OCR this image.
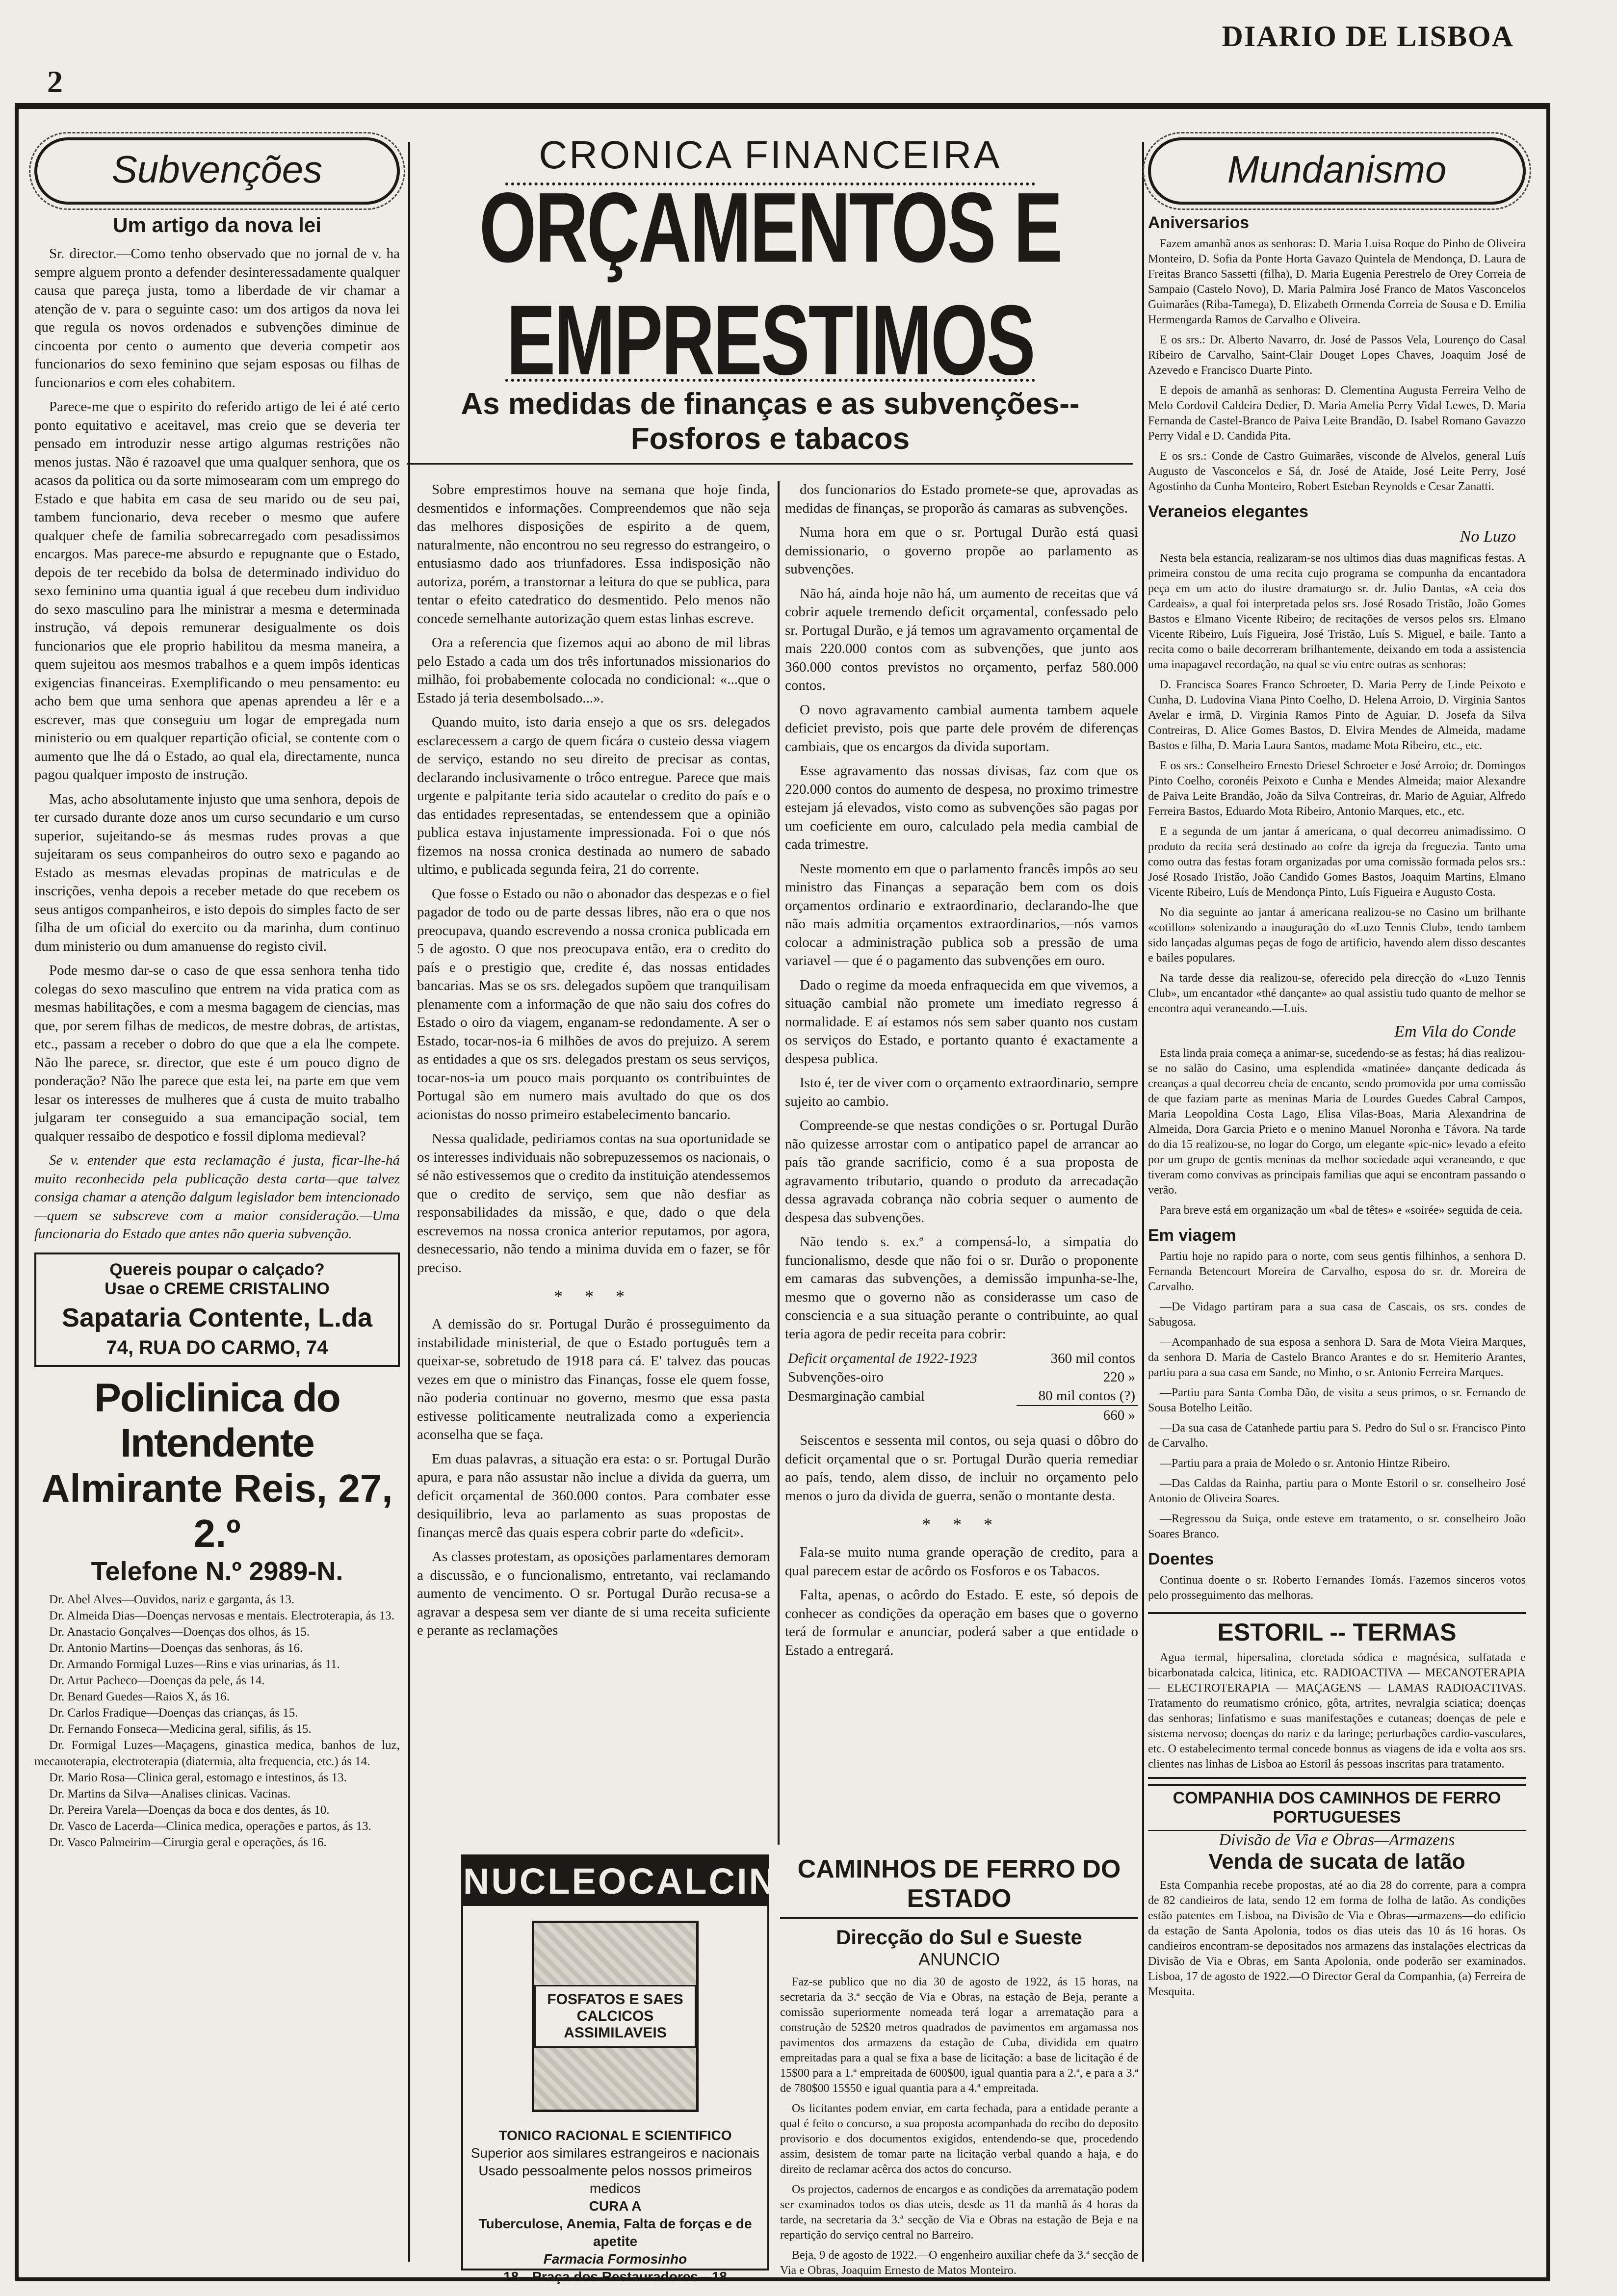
2
DIARIO DE LISBOA
Subvenções
Um artigo da nova lei

Sr. director.—Como tenho observado que no jornal de v. ha sempre alguem pronto a defender desinteressadamente qualquer causa que pareça justa, tomo a liberdade de vir chamar a atenção de v. para o seguinte caso: um dos artigos da nova lei que regula os novos ordenados e subvenções diminue de cincoenta por cento o aumento que deveria competir aos funcionarios do sexo feminino que sejam esposas ou filhas de funcionarios e com eles cohabitem.

Parece-me que o espirito do referido artigo de lei é até certo ponto equitativo e aceitavel, mas creio que se deveria ter pensado em introduzir nesse artigo algumas restrições não menos justas. Não é razoavel que uma qualquer senhora, que os acasos da politica ou da sorte mimosearam com um emprego do Estado e que habita em casa de seu marido ou de seu pai, tambem funcionario, deva receber o mesmo que aufere qualquer chefe de familia sobrecarregado com pesadissimos encargos. Mas parece-me absurdo e repugnante que o Estado, depois de ter recebido da bolsa de determinado individuo do sexo feminino uma quantia igual á que recebeu dum individuo do sexo masculino para lhe ministrar a mesma e determinada instrução, vá depois remunerar desigualmente os dois funcionarios que ele proprio habilitou da mesma maneira, a quem sujeitou aos mesmos trabalhos e a quem impôs identicas exigencias financeiras. Exemplificando o meu pensamento: eu acho bem que uma senhora que apenas aprendeu a lêr e a escrever, mas que conseguiu um logar de empregada num ministerio ou em qualquer repartição oficial, se contente com o aumento que lhe dá o Estado, ao qual ela, directamente, nunca pagou qualquer imposto de instrução.

Mas, acho absolutamente injusto que uma senhora, depois de ter cursado durante doze anos um curso secundario e um curso superior, sujeitando-se ás mesmas rudes provas a que sujeitaram os seus companheiros do outro sexo e pagando ao Estado as mesmas elevadas propinas de matriculas e de inscrições, venha depois a receber metade do que recebem os seus antigos companheiros, e isto depois do simples facto de ser filha de um oficial do exercito ou da marinha, dum continuo dum ministerio ou dum amanuense do registo civil.

Pode mesmo dar-se o caso de que essa senhora tenha tido colegas do sexo masculino que entrem na vida pratica com as mesmas habilitações, e com a mesma bagagem de ciencias, mas que, por serem filhas de medicos, de mestre dobras, de artistas, etc., passam a receber o dobro do que que a ela lhe compete. Não lhe parece, sr. director, que este é um pouco digno de ponderação? Não lhe parece que esta lei, na parte em que vem lesar os interesses de mulheres que á custa de muito trabalho julgaram ter conseguido a sua emancipação social, tem qualquer ressaibo de despotico e fossil diploma medieval?

Se v. entender que esta reclamação é justa, ficar-lhe-há muito reconhecida pela publicação desta carta—que talvez consiga chamar a atenção dalgum legislador bem intencionado—quem se subscreve com a maior consideração.—Uma funcionaria do Estado que antes não queria subvenção.

Quereis poupar o calçado?
Usae o CREME CRISTALINO
Sapataria Contente, L.da
74, RUA DO CARMO, 74
Policlinica do Intendente
Almirante Reis, 27, 2.º
Telefone N.º 2989-N.

Dr. Abel Alves—Ouvidos, nariz e garganta, ás 13.

Dr. Almeida Dias—Doenças nervosas e mentais. Electroterapia, ás 13.

Dr. Anastacio Gonçalves—Doenças dos olhos, ás 15.

Dr. Antonio Martins—Doenças das senhoras, ás 16.

Dr. Armando Formigal Luzes—Rins e vias urinarias, ás 11.

Dr. Artur Pacheco—Doenças da pele, ás 14.

Dr. Benard Guedes—Raios X, ás 16.

Dr. Carlos Fradique—Doenças das crianças, ás 15.

Dr. Fernando Fonseca—Medicina geral, sifilis, ás 15.

Dr. Formigal Luzes—Maçagens, ginastica medica, banhos de luz, mecanoterapia, electroterapia (diatermia, alta frequencia, etc.) ás 14.

Dr. Mario Rosa—Clinica geral, estomago e intestinos, ás 13.

Dr. Martins da Silva—Analises clinicas. Vacinas.

Dr. Pereira Varela—Doenças da boca e dos dentes, ás 10.

Dr. Vasco de Lacerda—Clinica medica, operações e partos, ás 13.

Dr. Vasco Palmeirim—Cirurgia geral e operações, ás 16.

CRONICA FINANCEIRA
ORÇAMENTOS E EMPRESTIMOS
As medidas de finanças e as subvenções--Fosforos e tabacos

Sobre emprestimos houve na semana que hoje finda, desmentidos e informações. Compreendemos que não seja das melhores disposições de espirito a de quem, naturalmente, não encontrou no seu regresso do estrangeiro, o entusiasmo dado aos triunfadores. Essa indisposição não autoriza, porém, a transtornar a leitura do que se publica, para tentar o efeito catedratico do desmentido. Pelo menos não concede semelhante autorização quem estas linhas escreve.

Ora a referencia que fizemos aqui ao abono de mil libras pelo Estado a cada um dos três infortunados missionarios do milhão, foi probabemente colocada no condicional: «...que o Estado já teria desembolsado...».

Quando muito, isto daria ensejo a que os srs. delegados esclarecessem a cargo de quem ficára o custeio dessa viagem de serviço, estando no seu direito de precisar as contas, declarando inclusivamente o trôco entregue. Parece que mais urgente e palpitante teria sido acautelar o credito do país e o das entidades representadas, se entendessem que a opinião publica estava injustamente impressionada. Foi o que nós fizemos na nossa cronica destinada ao numero de sabado ultimo, e publicada segunda feira, 21 do corrente.

Que fosse o Estado ou não o abonador das despezas e o fiel pagador de todo ou de parte dessas libres, não era o que nos preocupava, quando escrevendo a nossa cronica publicada em 5 de agosto. O que nos preocupava então, era o credito do país e o prestigio que, credite é, das nossas entidades bancarias. Mas se os srs. delegados supõem que tranquilisam plenamente com a informação de que não saiu dos cofres do Estado o oiro da viagem, enganam-se redondamente. A ser o Estado, tocar-nos-ia 6 milhões de avos do prejuizo. A serem as entidades a que os srs. delegados prestam os seus serviços, tocar-nos-ia um pouco mais porquanto os contribuintes de Portugal são em numero mais avultado do que os dos acionistas do nosso primeiro estabelecimento bancario.

Nessa qualidade, pediriamos contas na sua oportunidade se os interesses individuais não sobrepuzessemos os nacionais, o sé não estivessemos que o credito da instituição atendessemos que o credito de serviço, sem que não desfiar as responsabilidades da missão, e que, dado o que dela escrevemos na nossa cronica anterior reputamos, por agora, desnecessario, não tendo a minima duvida em o fazer, se fôr preciso.

* * *

A demissão do sr. Portugal Durão é prosseguimento da instabilidade ministerial, de que o Estado português tem a queixar-se, sobretudo de 1918 para cá. E' talvez das poucas vezes em que o ministro das Finanças, fosse ele quem fosse, não poderia continuar no governo, mesmo que essa pasta estivesse politicamente neutralizada como a experiencia aconselha que se faça.

Em duas palavras, a situação era esta: o sr. Portugal Durão apura, e para não assustar não inclue a divida da guerra, um deficit orçamental de 360.000 contos. Para combater esse desiquilibrio, leva ao parlamento as suas propostas de finanças mercê das quais espera cobrir parte do «deficit».

As classes protestam, as oposições parlamentares demoram a discussão, e o funcionalismo, entretanto, vai reclamando aumento de vencimento. O sr. Portugal Durão recusa-se a agravar a despesa sem ver diante de si uma receita suficiente e perante as reclamações

dos funcionarios do Estado promete-se que, aprovadas as medidas de finanças, se proporão ás camaras as subvenções.

Numa hora em que o sr. Portugal Durão está quasi demissionario, o governo propõe ao parlamento as subvenções.

Não há, ainda hoje não há, um aumento de receitas que vá cobrir aquele tremendo deficit orçamental, confessado pelo sr. Portugal Durão, e já temos um agravamento orçamental de mais 220.000 contos com as subvenções, que junto aos 360.000 contos previstos no orçamento, perfaz 580.000 contos.

O novo agravamento cambial aumenta tambem aquele deficiet previsto, pois que parte dele provém de diferenças cambiais, que os encargos da divida suportam.

Esse agravamento das nossas divisas, faz com que os 220.000 contos do aumento de despesa, no proximo trimestre estejam já elevados, visto como as subvenções são pagas por um coeficiente em ouro, calculado pela media cambial de cada trimestre.

Neste momento em que o parlamento francês impôs ao seu ministro das Finanças a separação bem com os dois orçamentos ordinario e extraordinario, declarando-lhe que não mais admitia orçamentos extraordinarios,—nós vamos colocar a administração publica sob a pressão de uma variavel — que é o pagamento das subvenções em ouro.

Dado o regime da moeda enfraquecida em que vivemos, a situação cambial não promete um imediato regresso á normalidade. E aí estamos nós sem saber quanto nos custam os serviços do Estado, e portanto quanto é exactamente a despesa publica.

Isto é, ter de viver com o orçamento extraordinario, sempre sujeito ao cambio.

Compreende-se que nestas condições o sr. Portugal Durão não quizesse arrostar com o antipatico papel de arrancar ao país tão grande sacrificio, como é a sua proposta de agravamento tributario, quando o produto da arrecadação dessa agravada cobrança não cobria sequer o aumento de despesa das subvenções.

Não tendo s. ex.ª a compensá-lo, a simpatia do funcionalismo, desde que não foi o sr. Durão o proponente em camaras das subvenções, a demissão impunha-se-lhe, mesmo que o governo não as considerasse um caso de consciencia e a sua situação perante o contribuinte, ao qual teria agora de pedir receita para cobrir:

Deficit orçamental de 1922-1923	360 mil contos
Subvenções-oiro	220 »
Desmarginação cambial	80 mil contos (?)
	660 »

Seiscentos e sessenta mil contos, ou seja quasi o dôbro do deficit orçamental que o sr. Portugal Durão queria remediar ao país, tendo, alem disso, de incluir no orçamento pelo menos o juro da divida de guerra, senão o montante desta.

* * *

Fala-se muito numa grande operação de credito, para a qual parecem estar de acôrdo os Fosforos e os Tabacos.

Falta, apenas, o acôrdo do Estado. E este, só depois de conhecer as condições da operação em bases que o governo terá de formular e anunciar, poderá saber a que entidade o Estado a entregará.

NUCLEOCALCINA
FOSFATOS E SAES CALCICOS ASSIMILAVEIS
TONICO RACIONAL E SCIENTIFICO
Superior aos similares estrangeiros e nacionais
Usado pessoalmente pelos nossos primeiros medicos
CURA A
Tuberculose, Anemia, Falta de forças e de apetite
Farmacia Formosinho
18—Praça dos Restauradores—18
CAMINHOS DE FERRO DO ESTADO
Direcção do Sul e Sueste
ANUNCIO

Faz-se publico que no dia 30 de agosto de 1922, ás 15 horas, na secretaria da 3.ª secção de Via e Obras, na estação de Beja, perante a comissão superiormente nomeada terá logar a arrematação para a construção de 52$20 metros quadrados de pavimentos em argamassa nos pavimentos dos armazens da estação de Cuba, dividida em quatro empreitadas para a qual se fixa a base de licitação: a base de licitação é de 15$00 para a 1.ª empreitada de 600$00, igual quantia para a 2.ª, e para a 3.ª de 780$00 15$50 e igual quantia para a 4.ª empreitada.

Os licitantes podem enviar, em carta fechada, para a entidade perante a qual é feito o concurso, a sua proposta acompanhada do recibo do deposito provisorio e dos documentos exigidos, entendendo-se que, procedendo assim, desistem de tomar parte na licitação verbal quando a haja, e do direito de reclamar acêrca dos actos do concurso.

Os projectos, cadernos de encargos e as condições da arrematação podem ser examinados todos os dias uteis, desde as 11 da manhã ás 4 horas da tarde, na secretaria da 3.ª secção de Via e Obras na estação de Beja e na repartição do serviço central no Barreiro.

Beja, 9 de agosto de 1922.—O engenheiro auxiliar chefe da 3.ª secção de Via e Obras, Joaquim Ernesto de Matos Monteiro.

Mundanismo
Aniversarios

Fazem amanhã anos as senhoras: D. Maria Luisa Roque do Pinho de Oliveira Monteiro, D. Sofia da Ponte Horta Gavazo Quintela de Mendonça, D. Laura de Freitas Branco Sassetti (filha), D. Maria Eugenia Perestrelo de Orey Correia de Sampaio (Castelo Novo), D. Maria Palmira José Franco de Matos Vasconcelos Guimarães (Riba-Tamega), D. Elizabeth Ormenda Correia de Sousa e D. Emilia Hermengarda Ramos de Carvalho e Oliveira.

E os srs.: Dr. Alberto Navarro, dr. José de Passos Vela, Lourenço do Casal Ribeiro de Carvalho, Saint-Clair Douget Lopes Chaves, Joaquim José de Azevedo e Francisco Duarte Pinto.

E depois de amanhã as senhoras: D. Clementina Augusta Ferreira Velho de Melo Cordovil Caldeira Dedier, D. Maria Amelia Perry Vidal Lewes, D. Maria Fernanda de Castel-Branco de Paiva Leite Brandão, D. Isabel Romano Gavazzo Perry Vidal e D. Candida Pita.

E os srs.: Conde de Castro Guimarães, visconde de Alvelos, general Luís Augusto de Vasconcelos e Sá, dr. José de Ataide, José Leite Perry, José Agostinho da Cunha Monteiro, Robert Esteban Reynolds e Cesar Zanatti.

Veraneios elegantes
No Luzo

Nesta bela estancia, realizaram-se nos ultimos dias duas magnificas festas. A primeira constou de uma recita cujo programa se compunha da encantadora peça em um acto do ilustre dramaturgo sr. dr. Julio Dantas, «A ceia dos Cardeais», a qual foi interpretada pelos srs. José Rosado Tristão, João Gomes Bastos e Elmano Vicente Ribeiro; de recitações de versos pelos srs. Elmano Vicente Ribeiro, Luís Figueira, José Tristão, Luís S. Miguel, e baile. Tanto a recita como o baile decorreram brilhantemente, deixando em toda a assistencia uma inapagavel recordação, na qual se viu entre outras as senhoras:

D. Francisca Soares Franco Schroeter, D. Maria Perry de Linde Peixoto e Cunha, D. Ludovina Viana Pinto Coelho, D. Helena Arroio, D. Virginia Santos Avelar e irmã, D. Virginia Ramos Pinto de Aguiar, D. Josefa da Silva Contreiras, D. Alice Gomes Bastos, D. Elvira Mendes de Almeida, madame Bastos e filha, D. Maria Laura Santos, madame Mota Ribeiro, etc., etc.

E os srs.: Conselheiro Ernesto Driesel Schroeter e José Arroio; dr. Domingos Pinto Coelho, coronéis Peixoto e Cunha e Mendes Almeida; maior Alexandre de Paiva Leite Brandão, João da Silva Contreiras, dr. Mario de Aguiar, Alfredo Ferreira Bastos, Eduardo Mota Ribeiro, Antonio Marques, etc., etc.

E a segunda de um jantar á americana, o qual decorreu animadissimo. O produto da recita será destinado ao cofre da igreja da freguezia. Tanto uma como outra das festas foram organizadas por uma comissão formada pelos srs.: José Rosado Tristão, João Candido Gomes Bastos, Joaquim Martins, Elmano Vicente Ribeiro, Luís de Mendonça Pinto, Luís Figueira e Augusto Costa.

No dia seguinte ao jantar á americana realizou-se no Casino um brilhante «cotillon» solenizando a inauguração do «Luzo Tennis Club», tendo tambem sido lançadas algumas peças de fogo de artificio, havendo alem disso descantes e bailes populares.

Na tarde desse dia realizou-se, oferecido pela direcção do «Luzo Tennis Club», um encantador «thé dançante» ao qual assistiu tudo quanto de melhor se encontra aqui veraneando.—Luis.

Em Vila do Conde

Esta linda praia começa a animar-se, sucedendo-se as festas; há dias realizou-se no salão do Casino, uma esplendida «matinée» dançante dedicada ás creanças a qual decorreu cheia de encanto, sendo promovida por uma comissão de que faziam parte as meninas Maria de Lourdes Guedes Cabral Campos, Maria Leopoldina Costa Lago, Elisa Vilas-Boas, Maria Alexandrina de Almeida, Dora Garcia Prieto e o menino Manuel Noronha e Távora. Na tarde do dia 15 realizou-se, no logar do Corgo, um elegante «pic-nic» levado a efeito por um grupo de gentis meninas da melhor sociedade aqui veraneando, e que tiveram como convivas as principais familias que aqui se encontram passando o verão.

Para breve está em organização um «bal de têtes» e «soirée» seguida de ceia.

Em viagem

Partiu hoje no rapido para o norte, com seus gentis filhinhos, a senhora D. Fernanda Betencourt Moreira de Carvalho, esposa do sr. dr. Moreira de Carvalho.

—De Vidago partiram para a sua casa de Cascais, os srs. condes de Sabugosa.

—Acompanhado de sua esposa a senhora D. Sara de Mota Vieira Marques, da senhora D. Maria de Castelo Branco Arantes e do sr. Hemiterio Arantes, partiu para a sua casa em Sande, no Minho, o sr. Antonio Ferreira Marques.

—Partiu para Santa Comba Dão, de visita a seus primos, o sr. Fernando de Sousa Botelho Leitão.

—Da sua casa de Catanhede partiu para S. Pedro do Sul o sr. Francisco Pinto de Carvalho.

—Partiu para a praia de Moledo o sr. Antonio Hintze Ribeiro.

—Das Caldas da Rainha, partiu para o Monte Estoril o sr. conselheiro José Antonio de Oliveira Soares.

—Regressou da Suiça, onde esteve em tratamento, o sr. conselheiro João Soares Branco.

Doentes

Continua doente o sr. Roberto Fernandes Tomás. Fazemos sinceros votos pelo prosseguimento das melhoras.

ESTORIL -- TERMAS

Agua termal, hipersalina, cloretada sódica e magnésica, sulfatada e bicarbonatada calcica, litinica, etc. RADIOACTIVA — MECANOTERAPIA — ELECTROTERAPIA — MAÇAGENS — LAMAS RADIOACTIVAS. Tratamento do reumatismo crónico, gôta, artrites, nevralgia sciatica; doenças das senhoras; linfatismo e suas manifestações e cutaneas; doenças de pele e sistema nervoso; doenças do nariz e da laringe; perturbações cardio-vasculares, etc. O estabelecimento termal concede bonnus as viagens de ida e volta aos srs. clientes nas linhas de Lisboa ao Estoril ás pessoas inscritas para tratamento.

COMPANHIA DOS CAMINHOS DE FERRO PORTUGUESES
Divisão de Via e Obras—Armazens
Venda de sucata de latão

Esta Companhia recebe propostas, até ao dia 28 do corrente, para a compra de 82 candieiros de lata, sendo 12 em forma de folha de latão. As condições estão patentes em Lisboa, na Divisão de Via e Obras—armazens—do edificio da estação de Santa Apolonia, todos os dias uteis das 10 ás 16 horas. Os candieiros encontram-se depositados nos armazens das instalações electricas da Divisão de Via e Obras, em Santa Apolonia, onde poderão ser examinados. Lisboa, 17 de agosto de 1922.—O Director Geral da Companhia, (a) Ferreira de Mesquita.
